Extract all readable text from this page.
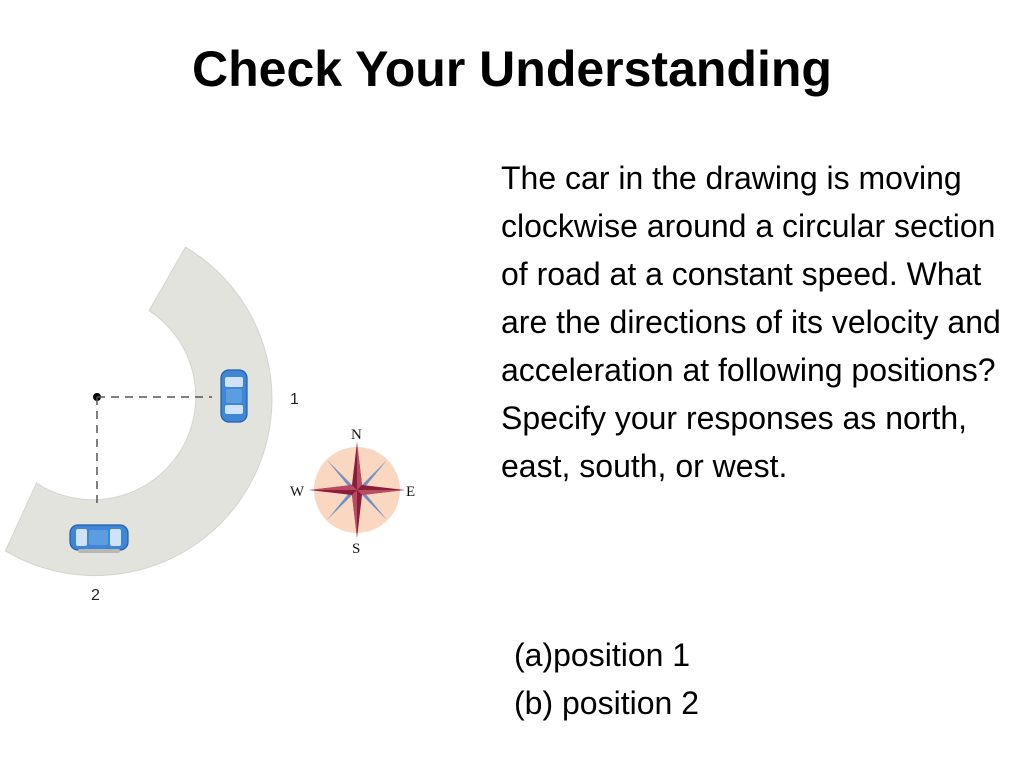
Check Your Understanding
The car in the drawing is moving clockwise around a circular section of road at a constant speed. What are the directions of its velocity and acceleration at following positions? Specify your responses as north, east, south, or west.
(a)position 1
(b) position 2
1
2
N
S
E
W
